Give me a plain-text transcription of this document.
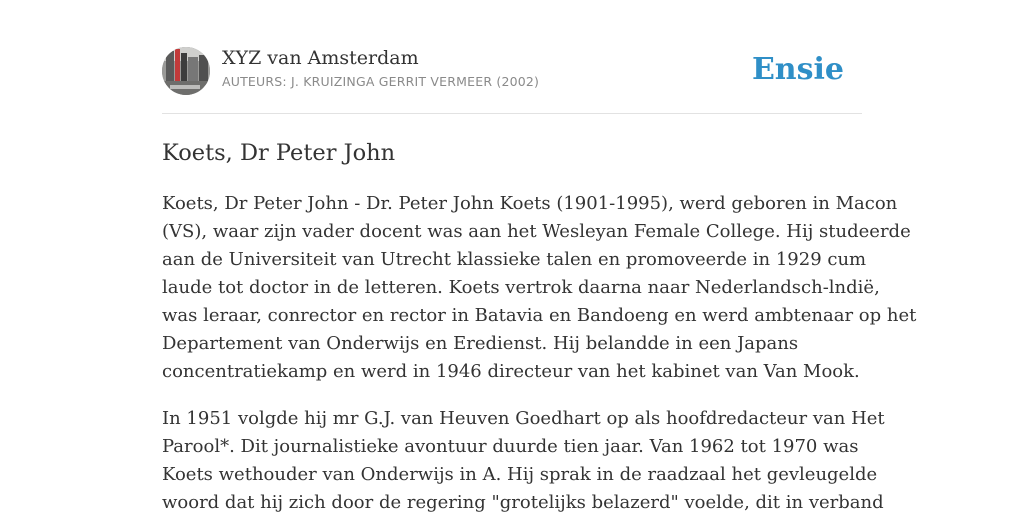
XYZ van Amsterdam
AUTEURS: J. KRUIZINGA GERRIT VERMEER (2002)	Ensie
Koets, Dr Peter John

Koets, Dr Peter John - Dr. Peter John Koets (1901-1995), werd geboren in Macon
(VS), waar zijn vader docent was aan het Wesleyan Female College. Hij studeerde
aan de Universiteit van Utrecht klassieke talen en promoveerde in 1929 cum
laude tot doctor in de letteren. Koets vertrok daarna naar Nederlandsch-lndië,
was leraar, conrector en rector in Batavia en Bandoeng en werd ambtenaar op het
Departement van Onderwijs en Eredienst. Hij belandde in een Japans
concentratiekamp en werd in 1946 directeur van het kabinet van Van Mook.

In 1951 volgde hij mr G.J. van Heuven Goedhart op als hoofdredacteur van Het
Parool*. Dit journalistieke avontuur duurde tien jaar. Van 1962 tot 1970 was
Koets wethouder van Onderwijs in A. Hij sprak in de raadzaal het gevleugelde
woord dat hij zich door de regering "grotelijks belazerd" voelde, dit in verband
